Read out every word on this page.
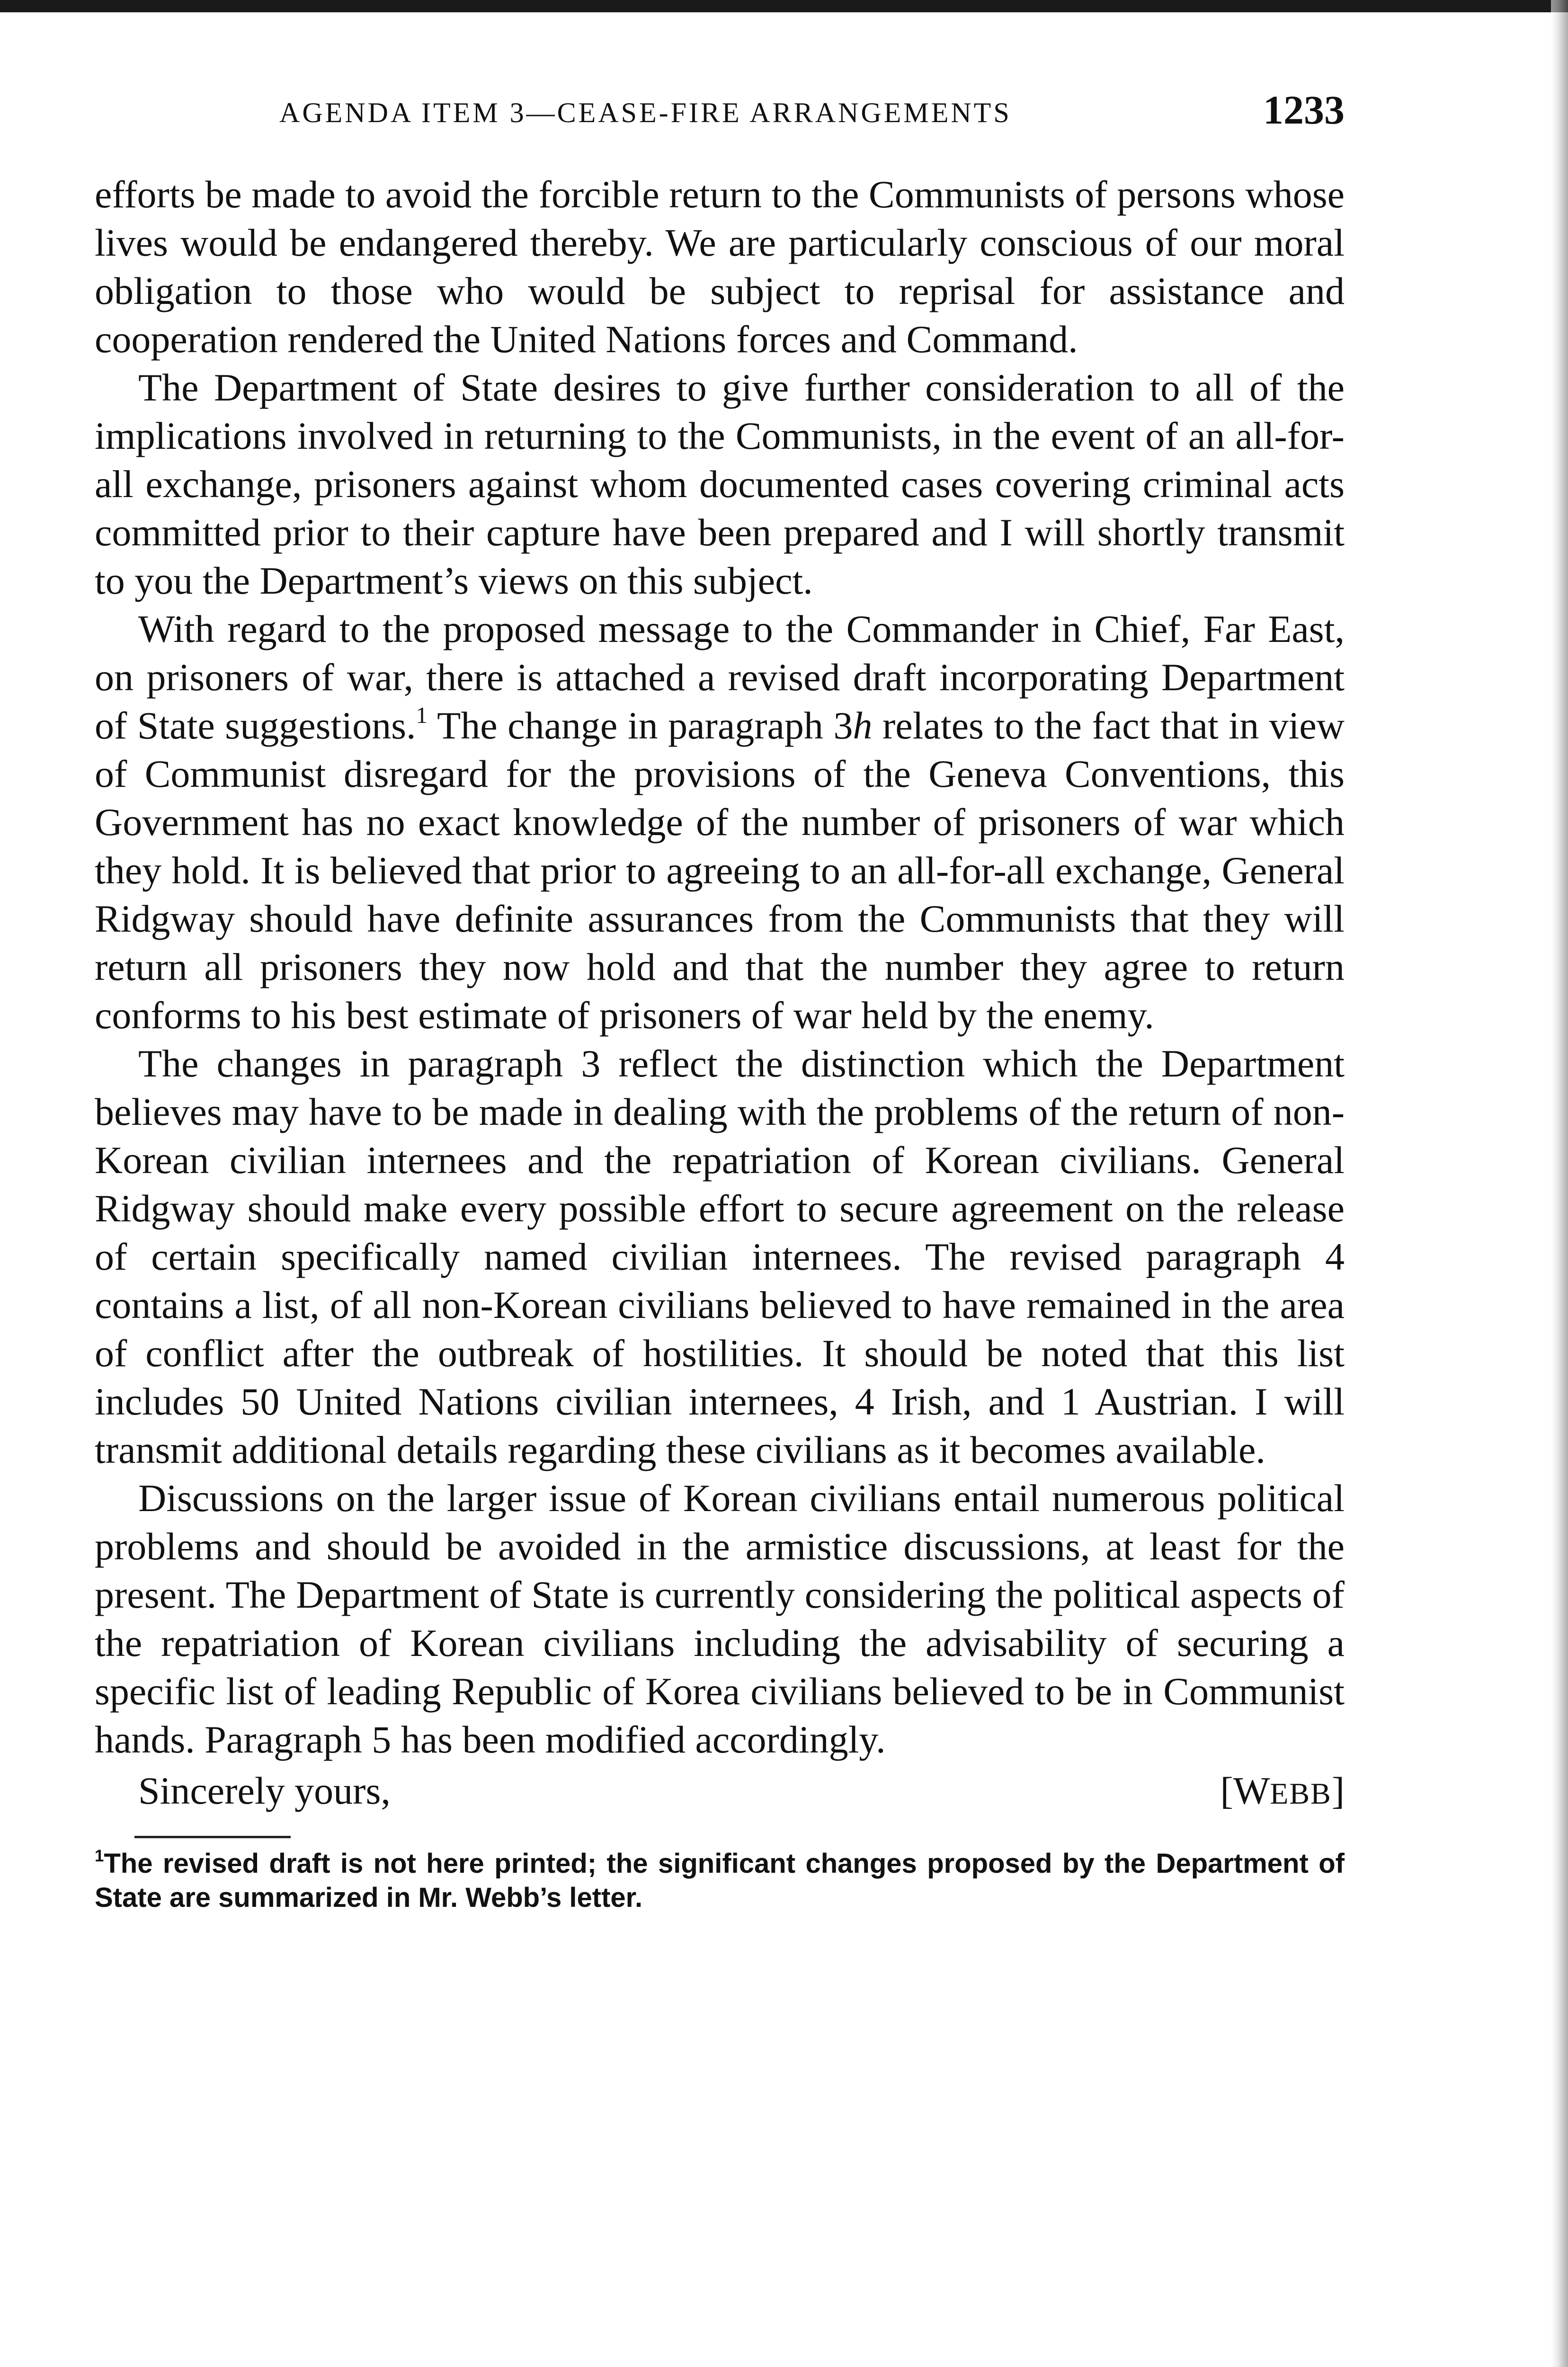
AGENDA ITEM 3—CEASE-FIRE ARRANGEMENTS	1233

efforts be made to avoid the forcible return to the Communists of persons whose lives would be endangered thereby. We are particularly conscious of our moral obligation to those who would be subject to reprisal for assistance and cooperation rendered the United Nations forces and Command.

The Department of State desires to give further consideration to all of the implications involved in returning to the Communists, in the event of an all-for-all exchange, prisoners against whom documented cases covering criminal acts committed prior to their capture have been prepared and I will shortly transmit to you the Department’s views on this subject.

With regard to the proposed message to the Commander in Chief, Far East, on prisoners of war, there is attached a revised draft incorporating Department of State suggestions.$^1$ The change in paragraph 3h relates to the fact that in view of Communist disregard for the provisions of the Geneva Conventions, this Government has no exact knowledge of the number of prisoners of war which they hold. It is believed that prior to agreeing to an all-for-all exchange, General Ridgway should have definite assurances from the Communists that they will return all prisoners they now hold and that the number they agree to return conforms to his best estimate of prisoners of war held by the enemy.

The changes in paragraph 3 reflect the distinction which the Department believes may have to be made in dealing with the problems of the return of non-Korean civilian internees and the repatriation of Korean civilians. General Ridgway should make every possible effort to secure agreement on the release of certain specifically named civilian internees. The revised paragraph 4 contains a list, of all non-Korean civilians believed to have remained in the area of conflict after the outbreak of hostilities. It should be noted that this list includes 50 United Nations civilian internees, 4 Irish, and 1 Austrian. I will transmit additional details regarding these civilians as it becomes available.

Discussions on the larger issue of Korean civilians entail numerous political problems and should be avoided in the armistice discussions, at least for the present. The Department of State is currently considering the political aspects of the repatriation of Korean civilians including the advisability of securing a specific list of leading Republic of Korea civilians believed to be in Communist hands. Paragraph 5 has been modified accordingly.

Sincerely yours,	[WEBB]

$^1$The revised draft is not here printed; the significant changes proposed by the Department of State are summarized in Mr. Webb’s letter.
